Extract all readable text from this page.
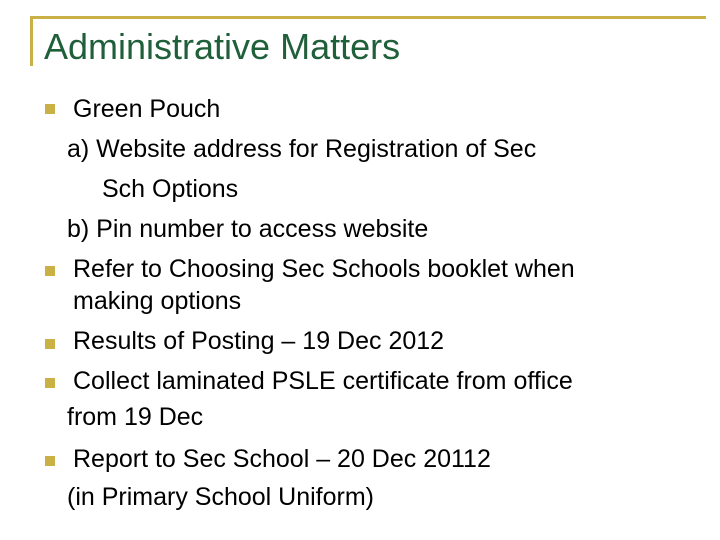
Administrative Matters
Green Pouch
a) Website address for Registration of Sec
Sch Options
b) Pin number to access website
Refer to Choosing Sec Schools booklet when
making options
Results of Posting – 19 Dec 2012
Collect laminated PSLE certificate from office
from 19 Dec
Report to Sec School – 20 Dec 20112
(in Primary School Uniform)
